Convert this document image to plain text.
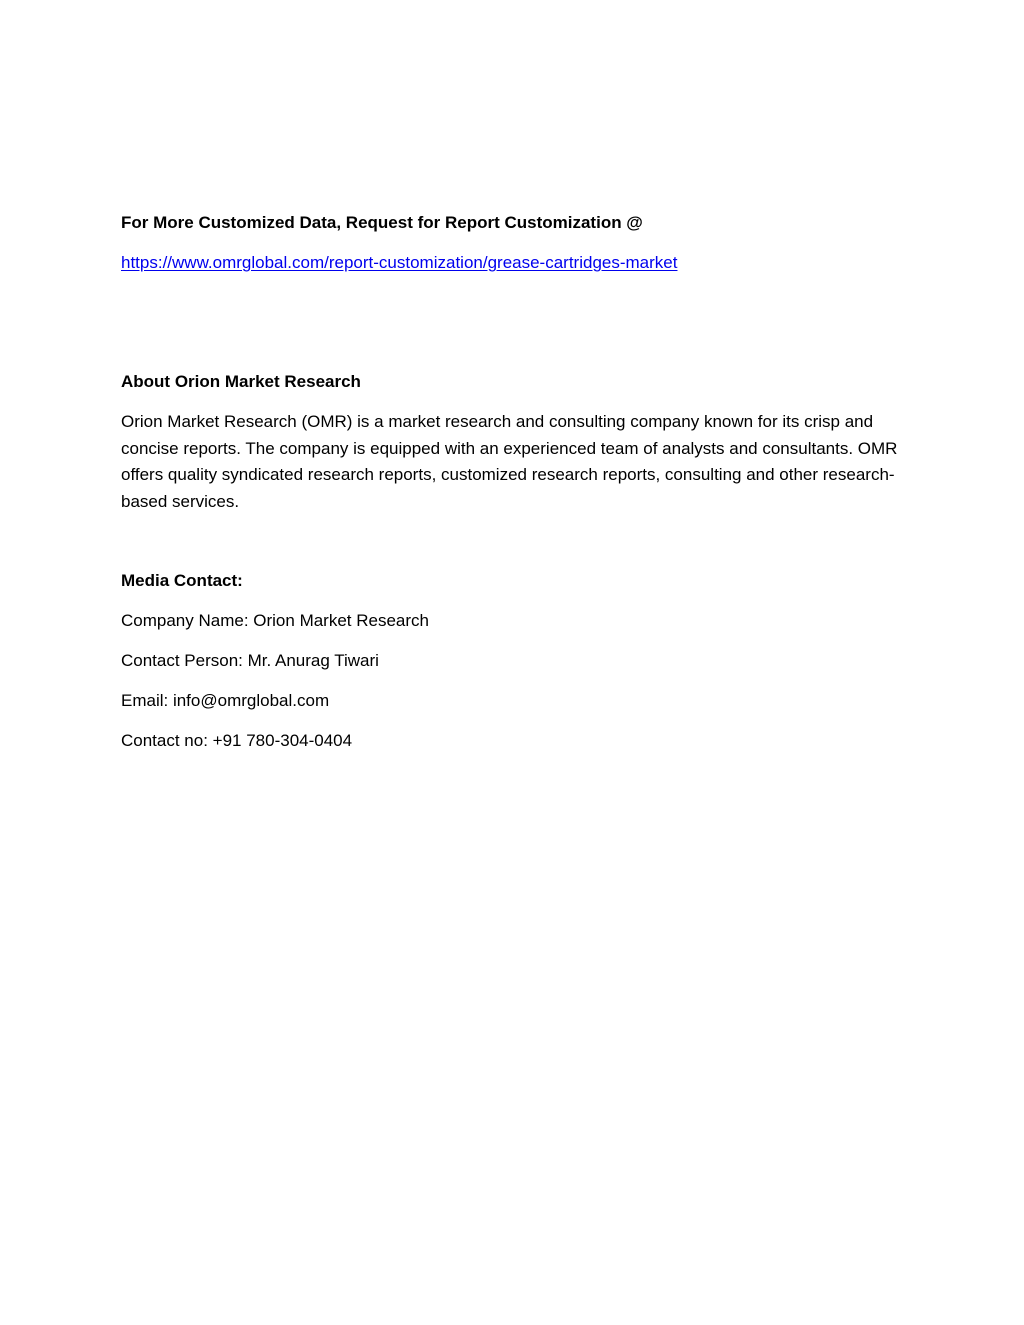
For More Customized Data, Request for Report Customization @
https://www.omrglobal.com/report-customization/grease-cartridges-market
About Orion Market Research

Orion Market Research (OMR) is a market research and consulting company known for its crisp and concise reports. The company is equipped with an experienced team of analysts and consultants. OMR offers quality syndicated research reports, customized research reports, consulting and other research-based services.

Media Contact:
Company Name: Orion Market Research
Contact Person: Mr. Anurag Tiwari
Email: info@omrglobal.com
Contact no: +91 780-304-0404
